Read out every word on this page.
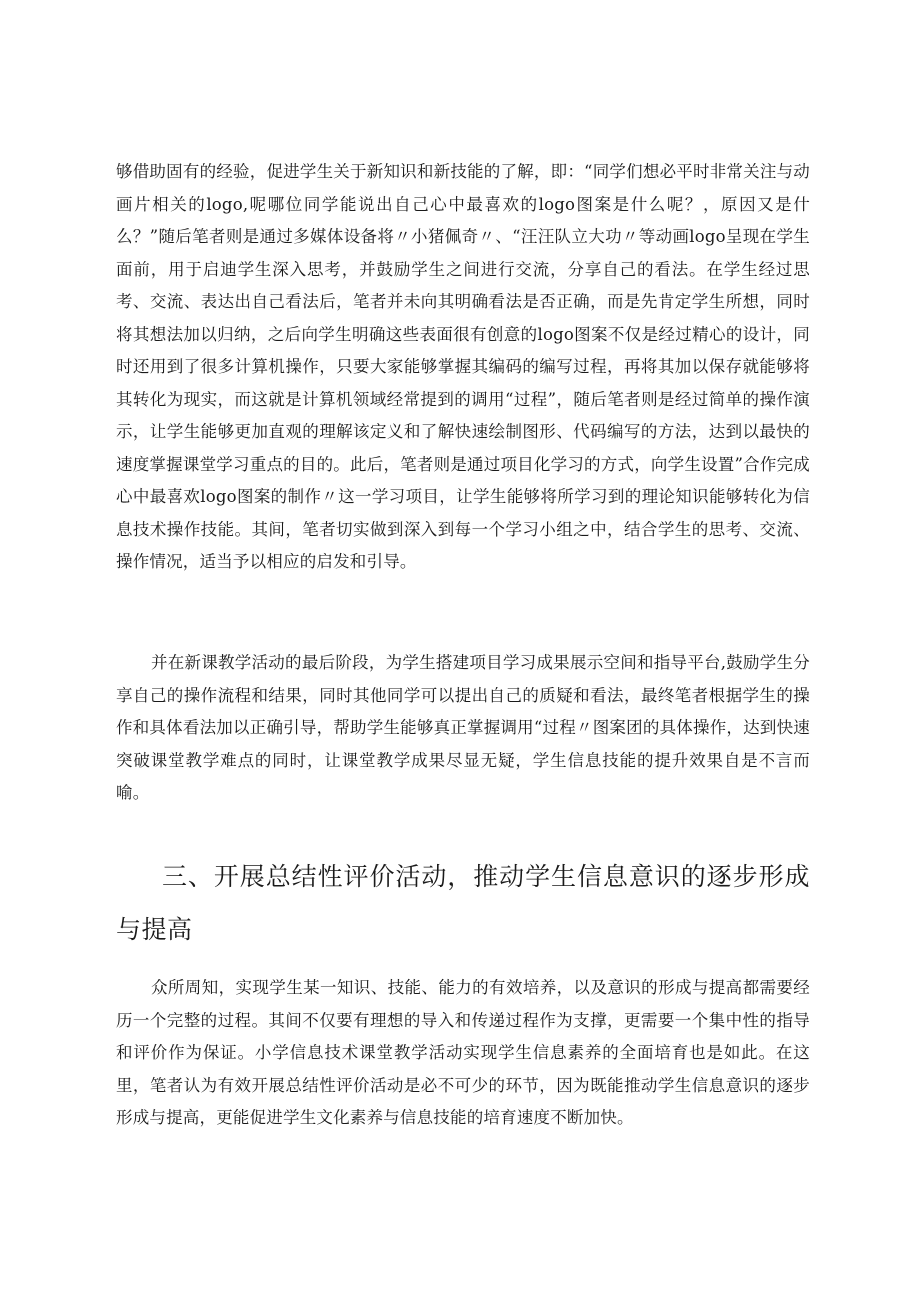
够借助固有的经验，促进学生关于新知识和新技能的了解，即：“同学们想必平时非常关注与动画片相关的logo,呢哪位同学能说出自己心中最喜欢的logo图案是什么呢？，原因又是什么？”随后笔者则是通过多媒体设备将〃小猪佩奇〃、“汪汪队立大功〃等动画logo呈现在学生面前，用于启迪学生深入思考，并鼓励学生之间进行交流，分享自己的看法。在学生经过思考、交流、表达出自己看法后，笔者并未向其明确看法是否正确，而是先肯定学生所想，同时将其想法加以归纳，之后向学生明确这些表面很有创意的logo图案不仅是经过精心的设计，同时还用到了很多计算机操作，只要大家能够掌握其编码的编写过程，再将其加以保存就能够将其转化为现实，而这就是计算机领域经常提到的调用“过程”，随后笔者则是经过简单的操作演示，让学生能够更加直观的理解该定义和了解快速绘制图形、代码编写的方法，达到以最快的速度掌握课堂学习重点的目的。此后，笔者则是通过项目化学习的方式，向学生设置”合作完成心中最喜欢logo图案的制作〃这一学习项目，让学生能够将所学习到的理论知识能够转化为信息技术操作技能。其间，笔者切实做到深入到每一个学习小组之中，结合学生的思考、交流、操作情况，适当予以相应的启发和引导。

并在新课教学活动的最后阶段，为学生搭建项目学习成果展示空间和指导平台,鼓励学生分享自己的操作流程和结果，同时其他同学可以提出自己的质疑和看法，最终笔者根据学生的操作和具体看法加以正确引导，帮助学生能够真正掌握调用“过程〃图案团的具体操作，达到快速突破课堂教学难点的同时，让课堂教学成果尽显无疑，学生信息技能的提升效果自是不言而喻。

三、开展总结性评价活动，推动学生信息意识的逐步形成与提高

众所周知，实现学生某一知识、技能、能力的有效培养，以及意识的形成与提高都需要经历一个完整的过程。其间不仅要有理想的导入和传递过程作为支撑，更需要一个集中性的指导和评价作为保证。小学信息技术课堂教学活动实现学生信息素养的全面培育也是如此。在这里，笔者认为有效开展总结性评价活动是必不可少的环节，因为既能推动学生信息意识的逐步形成与提高，更能促进学生文化素养与信息技能的培育速度不断加快。
